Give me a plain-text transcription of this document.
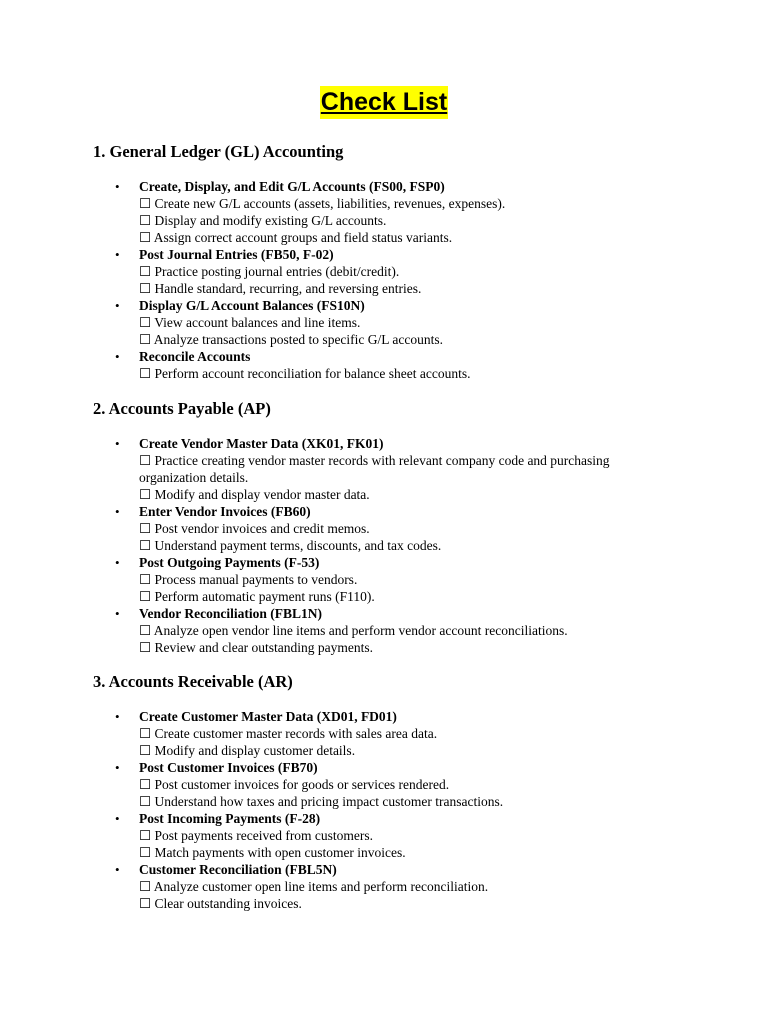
Check List
1. General Ledger (GL) Accounting
• Create, Display, and Edit G/L Accounts (FS00, FSP0)
☐ Create new G/L accounts (assets, liabilities, revenues, expenses).
☐ Display and modify existing G/L accounts.
☐ Assign correct account groups and field status variants.
• Post Journal Entries (FB50, F-02)
☐ Practice posting journal entries (debit/credit).
☐ Handle standard, recurring, and reversing entries.
• Display G/L Account Balances (FS10N)
☐ View account balances and line items.
☐ Analyze transactions posted to specific G/L accounts.
• Reconcile Accounts
☐ Perform account reconciliation for balance sheet accounts.
2. Accounts Payable (AP)
• Create Vendor Master Data (XK01, FK01)
☐ Practice creating vendor master records with relevant company code and purchasing organization details.
☐ Modify and display vendor master data.
• Enter Vendor Invoices (FB60)
☐ Post vendor invoices and credit memos.
☐ Understand payment terms, discounts, and tax codes.
• Post Outgoing Payments (F-53)
☐ Process manual payments to vendors.
☐ Perform automatic payment runs (F110).
• Vendor Reconciliation (FBL1N)
☐ Analyze open vendor line items and perform vendor account reconciliations.
☐ Review and clear outstanding payments.
3. Accounts Receivable (AR)
• Create Customer Master Data (XD01, FD01)
☐ Create customer master records with sales area data.
☐ Modify and display customer details.
• Post Customer Invoices (FB70)
☐ Post customer invoices for goods or services rendered.
☐ Understand how taxes and pricing impact customer transactions.
• Post Incoming Payments (F-28)
☐ Post payments received from customers.
☐ Match payments with open customer invoices.
• Customer Reconciliation (FBL5N)
☐ Analyze customer open line items and perform reconciliation.
☐ Clear outstanding invoices.
